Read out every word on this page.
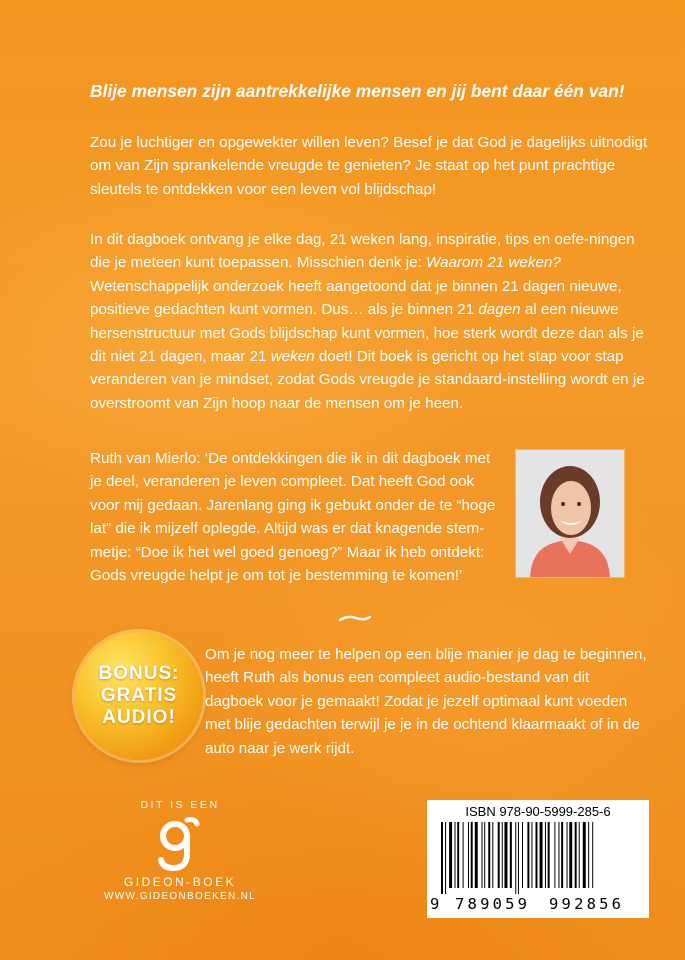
Blije mensen zijn aantrekkelijke mensen en jij bent daar één van!

Zou je luchtiger en opgewekter willen leven? Besef je dat God je dagelijks uitnodigt om van Zijn sprankelende vreugde te genieten? Je staat op het punt prachtige sleutels te ontdekken voor een leven vol blijdschap!

In dit dagboek ontvang je elke dag, 21 weken lang, inspiratie, tips en oefe-ningen die je meteen kunt toepassen. Misschien denk je: Waarom 21 weken? Wetenschappelijk onderzoek heeft aangetoond dat je binnen 21 dagen nieuwe, positieve gedachten kunt vormen. Dus… als je binnen 21 dagen al een nieuwe hersenstructuur met Gods blijdschap kunt vormen, hoe sterk wordt deze dan als je dit niet 21 dagen, maar 21 weken doet! Dit boek is gericht op het stap voor stap veranderen van je mindset, zodat Gods vreugde je standaard-instelling wordt en je overstroomt van Zijn hoop naar de mensen om je heen.

Ruth van Mierlo: ‘De ontdekkingen die ik in dit dagboek met je deel, veranderen je leven compleet. Dat heeft God ook voor mij gedaan. Jarenlang ging ik gebukt onder de te “hoge lat” die ik mijzelf oplegde. Altijd was er dat knagende stem-metje: “Doe ik het wel goed genoeg?” Maar ik heb ontdekt: Gods vreugde helpt je om tot je bestemming te komen!’

BONUS:
GRATIS
AUDIO!

Om je nog meer te helpen op een blije manier je dag te beginnen, heeft Ruth als bonus een compleet audio-bestand van dit dagboek voor je gemaakt! Zodat je jezelf optimaal kunt voeden met blije gedachten terwijl je je in de ochtend klaarmaakt of in de auto naar je werk rijdt.

DIT IS EEN
GIDEON-BOEK
WWW.GIDEONBOEKEN.NL
ISBN 978-90-5999-285-6
9 789059 992856
